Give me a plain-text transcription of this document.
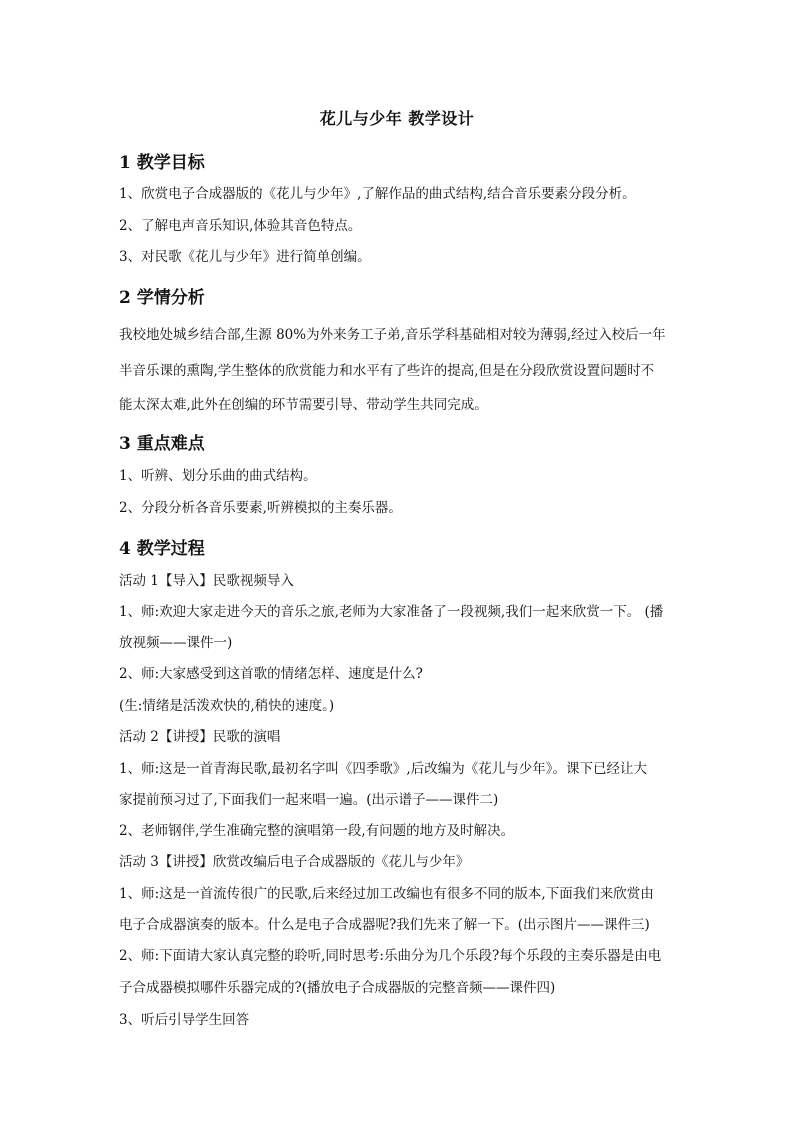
花儿与少年 教学设计
1 教学目标
1、欣赏电子合成器版的《花儿与少年》,了解作品的曲式结构,结合音乐要素分段分析。
2、了解电声音乐知识,体验其音色特点。
3、对民歌《花儿与少年》进行简单创编。
2 学情分析
我校地处城乡结合部,生源 80%为外来务工子弟,音乐学科基础相对较为薄弱,经过入校后一年
半音乐课的熏陶,学生整体的欣赏能力和水平有了些许的提高,但是在分段欣赏设置问题时不
能太深太难,此外在创编的环节需要引导、带动学生共同完成。
3 重点难点
1、听辨、划分乐曲的曲式结构。
2、分段分析各音乐要素,听辨模拟的主奏乐器。
4 教学过程
活动 1【导入】民歌视频导入
1、师:欢迎大家走进今天的音乐之旅,老师为大家准备了一段视频,我们一起来欣赏一下。 (播
放视频——课件一)
2、师:大家感受到这首歌的情绪怎样、速度是什么?
(生:情绪是活泼欢快的,稍快的速度。)
活动 2【讲授】民歌的演唱
1、师:这是一首青海民歌,最初名字叫《四季歌》,后改编为《花儿与少年》。课下已经让大
家提前预习过了,下面我们一起来唱一遍。(出示谱子——课件二)
2、老师钢伴,学生准确完整的演唱第一段,有问题的地方及时解决。
活动 3【讲授】欣赏改编后电子合成器版的《花儿与少年》
1、师:这是一首流传很广的民歌,后来经过加工改编也有很多不同的版本,下面我们来欣赏由
电子合成器演奏的版本。什么是电子合成器呢?我们先来了解一下。(出示图片——课件三)
2、师:下面请大家认真完整的聆听,同时思考:乐曲分为几个乐段?每个乐段的主奏乐器是由电
子合成器模拟哪件乐器完成的?(播放电子合成器版的完整音频——课件四)
3、听后引导学生回答
